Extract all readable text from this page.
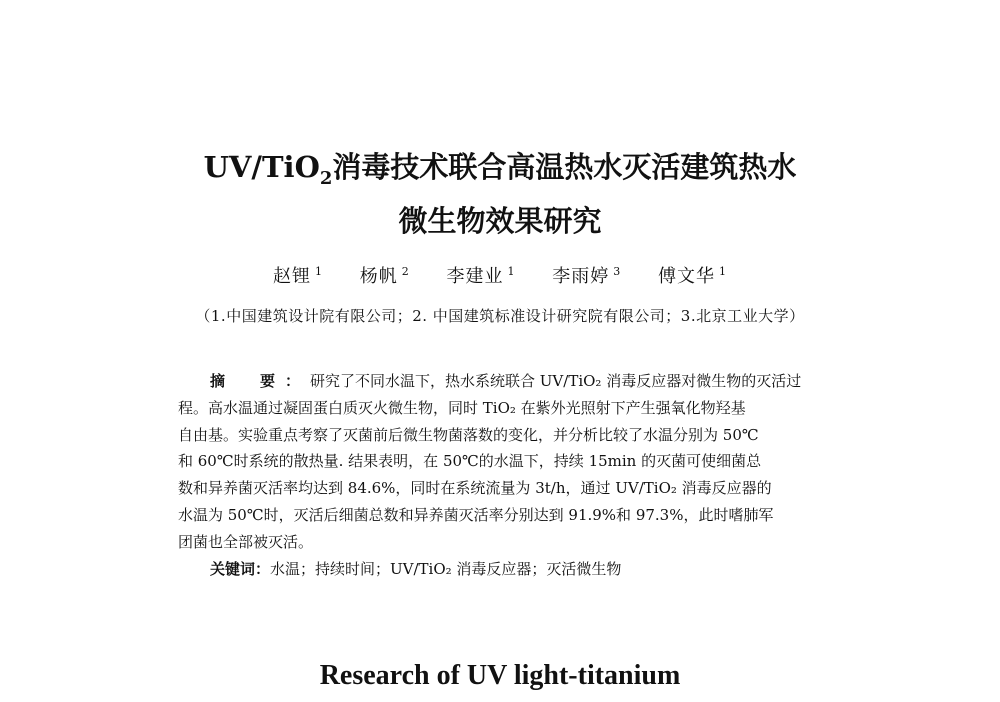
UV/TiO$_2$消毒技术联合高温热水灭活建筑热水
微生物效果研究
赵锂 $^1$ 杨帆 $^2$ 李建业 $^1$ 李雨婷 $^3$ 傅文华 $^1$
（1.中国建筑设计院有限公司；2. 中国建筑标准设计研究院有限公司；3.北京工业大学）
摘　要：研究了不同水温下，热水系统联合 UV/TiO₂ 消毒反应器对微生物的灭活过
程。高水温通过凝固蛋白质灭火微生物，同时 TiO₂ 在紫外光照射下产生强氧化物羟基
自由基。实验重点考察了灭菌前后微生物菌落数的变化，并分析比较了水温分别为 50℃
和 60℃时系统的散热量. 结果表明，在 50℃的水温下，持续 15min 的灭菌可使细菌总
数和异养菌灭活率均达到 84.6%，同时在系统流量为 3t/h，通过 UV/TiO₂ 消毒反应器的
水温为 50℃时，灭活后细菌总数和异养菌灭活率分别达到 91.9%和 97.3%，此时嗜肺军
团菌也全部被灭活。
关键词：水温；持续时间；UV/TiO₂ 消毒反应器；灭活微生物
Research of UV light-titanium
